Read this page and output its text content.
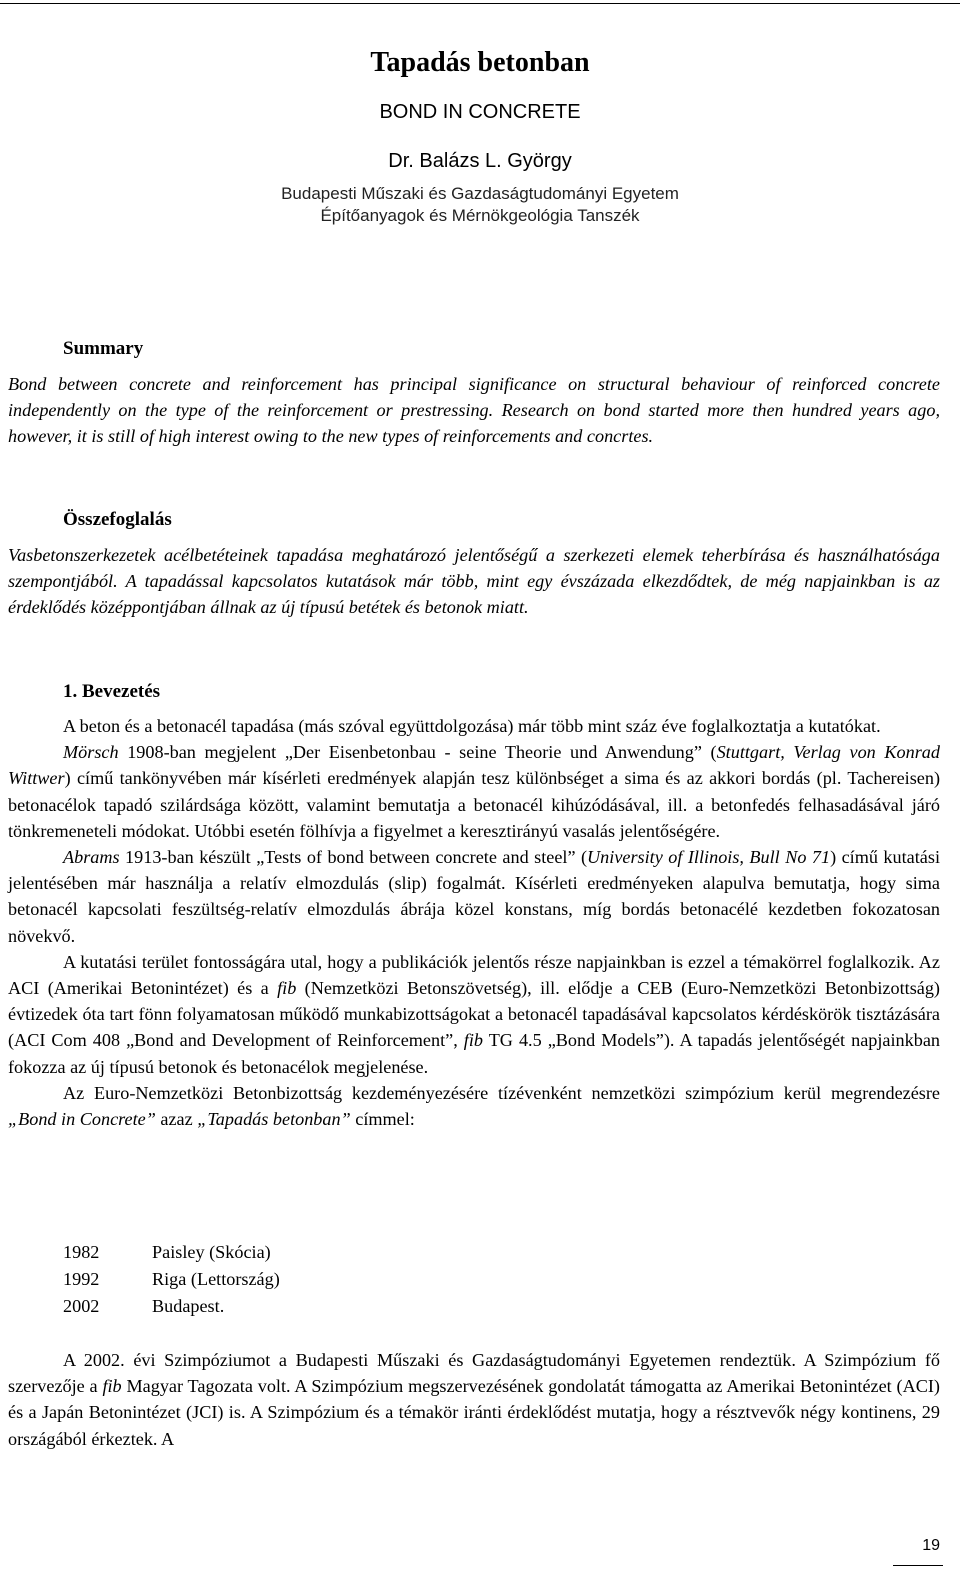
Tapadás betonban
BOND IN CONCRETE
Dr. Balázs L. György
Budapesti Műszaki és Gazdaságtudományi Egyetem
Építőanyagok és Mérnökgeológia Tanszék
Summary

Bond between concrete and reinforcement has principal significance on structural behaviour of reinforced concrete independently on the type of the reinforcement or prestressing. Research on bond started more then hundred years ago, however, it is still of high interest owing to the new types of reinforcements and concrtes.

Összefoglalás

Vasbetonszerkezetek acélbetéteinek tapadása meghatározó jelentőségű a szerkezeti elemek teherbírása és használhatósága szempontjából. A tapadással kapcsolatos kutatások már több, mint egy évszázada elkezdődtek, de még napjainkban is az érdeklődés középpontjában állnak az új típusú betétek és betonok miatt.

1. Bevezetés

A beton és a betonacél tapadása (más szóval együttdolgozása) már több mint száz éve foglalkoztatja a kutatókat.

Mörsch 1908-ban megjelent „Der Eisenbetonbau - seine Theorie und Anwendung” (Stuttgart, Verlag von Konrad Wittwer) című tankönyvében már kísérleti eredmények alapján tesz különbséget a sima és az akkori bordás (pl. Tachereisen) betonacélok tapadó szilárdsága között, valamint bemutatja a betonacél kihúzódásával, ill. a betonfedés felhasadásával járó tönkremeneteli módokat. Utóbbi esetén fölhívja a figyelmet a keresztirányú vasalás jelentőségére.

Abrams 1913-ban készült „Tests of bond between concrete and steel” (University of Illinois, Bull No 71) című kutatási jelentésében már használja a relatív elmozdulás (slip) fogalmát. Kísérleti eredményeken alapulva bemutatja, hogy sima betonacél kapcsolati feszültség-relatív elmozdulás ábrája közel konstans, míg bordás betonacélé kezdetben fokozatosan növekvő.

A kutatási terület fontosságára utal, hogy a publikációk jelentős része napjainkban is ezzel a témakörrel foglalkozik. Az ACI (Amerikai Betonintézet) és a fib (Nemzetközi Betonszövetség), ill. elődje a CEB (Euro-Nemzetközi Betonbizottság) évtizedek óta tart fönn folyamatosan működő munkabizottságokat a betonacél tapadásával kapcsolatos kérdéskörök tisztázására (ACI Com 408 „Bond and Development of Reinforcement”, fib TG 4.5 „Bond Models”). A tapadás jelentőségét napjainkban fokozza az új típusú betonok és betonacélok megjelenése.

Az Euro-Nemzetközi Betonbizottság kezdeményezésére tízévenként nemzetközi szimpózium kerül megrendezésre „Bond in Concrete” azaz „Tapadás betonban” címmel:

1982	Paisley (Skócia)
1992	Riga (Lettország)
2002	Budapest.

A 2002. évi Szimpóziumot a Budapesti Műszaki és Gazdaságtudományi Egyetemen rendeztük. A Szimpózium fő szervezője a fib Magyar Tagozata volt. A Szimpózium megszervezésének gondolatát támogatta az Amerikai Betonintézet (ACI) és a Japán Betonintézet (JCI) is. A Szimpózium és a témakör iránti érdeklődést mutatja, hogy a résztvevők négy kontinens, 29 országából érkeztek. A

19
